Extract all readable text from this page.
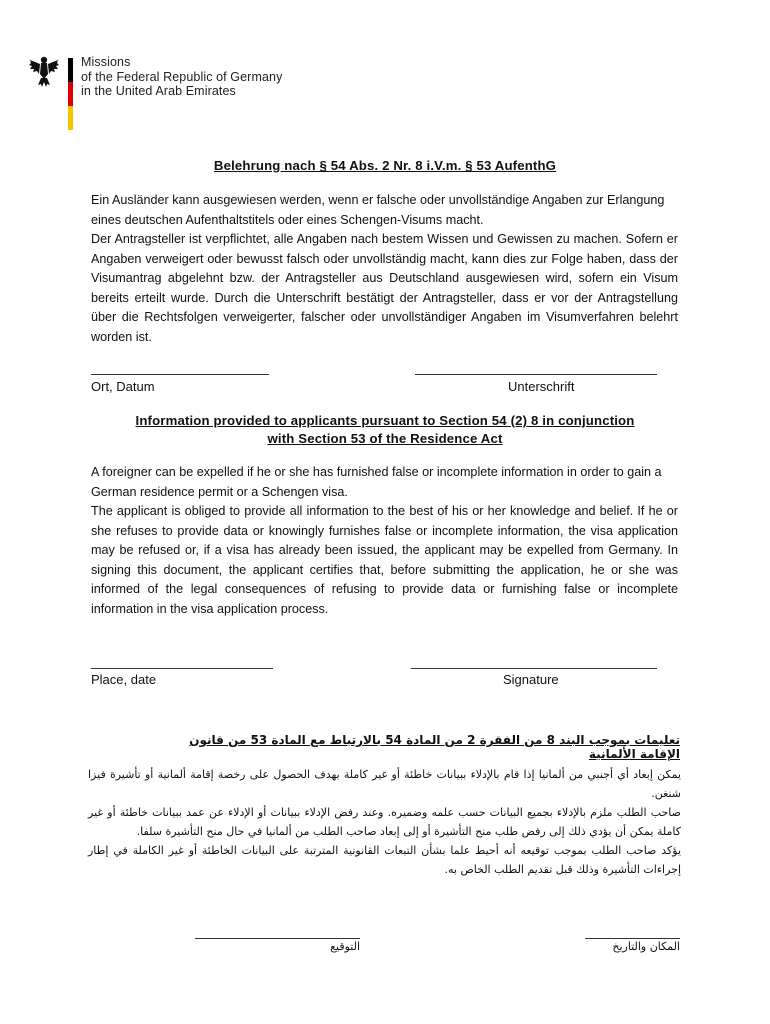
Missions
of the Federal Republic of Germany
in the United Arab Emirates
Belehrung nach § 54 Abs. 2 Nr. 8 i.V.m. § 53 AufenthG
Ein Ausländer kann ausgewiesen werden, wenn er falsche oder unvollständige Angaben zur Erlangung eines deutschen Aufenthaltstitels oder eines Schengen-Visums macht.
Der Antragsteller ist verpflichtet, alle Angaben nach bestem Wissen und Gewissen zu machen. Sofern er Angaben verweigert oder bewusst falsch oder unvollständig macht, kann dies zur Folge haben, dass der Visumantrag abgelehnt bzw. der Antragsteller aus Deutschland ausgewiesen wird, sofern ein Visum bereits erteilt wurde. Durch die Unterschrift bestätigt der Antragsteller, dass er vor der Antragstellung über die Rechtsfolgen verweigerter, falscher oder unvollständiger Angaben im Visumverfahren belehrt worden ist.
Ort, Datum	Unterschrift
Information provided to applicants pursuant to Section 54 (2) 8 in conjunction
with Section 53 of the Residence Act
A foreigner can be expelled if he or she has furnished false or incomplete information in order to gain a German residence permit or a Schengen visa.
The applicant is obliged to provide all information to the best of his or her knowledge and belief. If he or she refuses to provide data or knowingly furnishes false or incomplete information, the visa application may be refused or, if a visa has already been issued, the applicant may be expelled from Germany. In signing this document, the applicant certifies that, before submitting the application, he or she was informed of the legal consequences of refusing to provide data or furnishing false or incomplete information in the visa application process.
Place, date	Signature
تعليمات بموجب البند 8 من الفقرة 2 من المادة 54 بالارتباط مع المادة 53 من قانون الإقامة الألمانية

يمكن إبعاد أي أجنبي من ألمانيا إذا قام بالإدلاء ببيانات خاطئة أو غير كاملة بهدف الحصول على رخصة إقامة ألمانية أو تأشيرة فيزا شنغن.

صاحب الطلب ملزم بالإدلاء بجميع البيانات حسب علمه وضميره. وعند رفض الإدلاء ببيانات أو الإدلاء عن عمد ببيانات خاطئة أو غير كاملة يمكن أن يؤدي ذلك إلى رفض طلب منح التأشيرة أو إلى إبعاد صاحب الطلب من ألمانيا في حال منح التأشيرة سلفا.

يؤكد صاحب الطلب بموجب توقيعه أنه أحيط علما بشأن التبعات القانونية المترتبة على البيانات الخاطئة أو غير الكاملة في إطار إجراءات التأشيرة وذلك قبل تقديم الطلب الخاص به.

التوقيع	المكان والتاريخ
